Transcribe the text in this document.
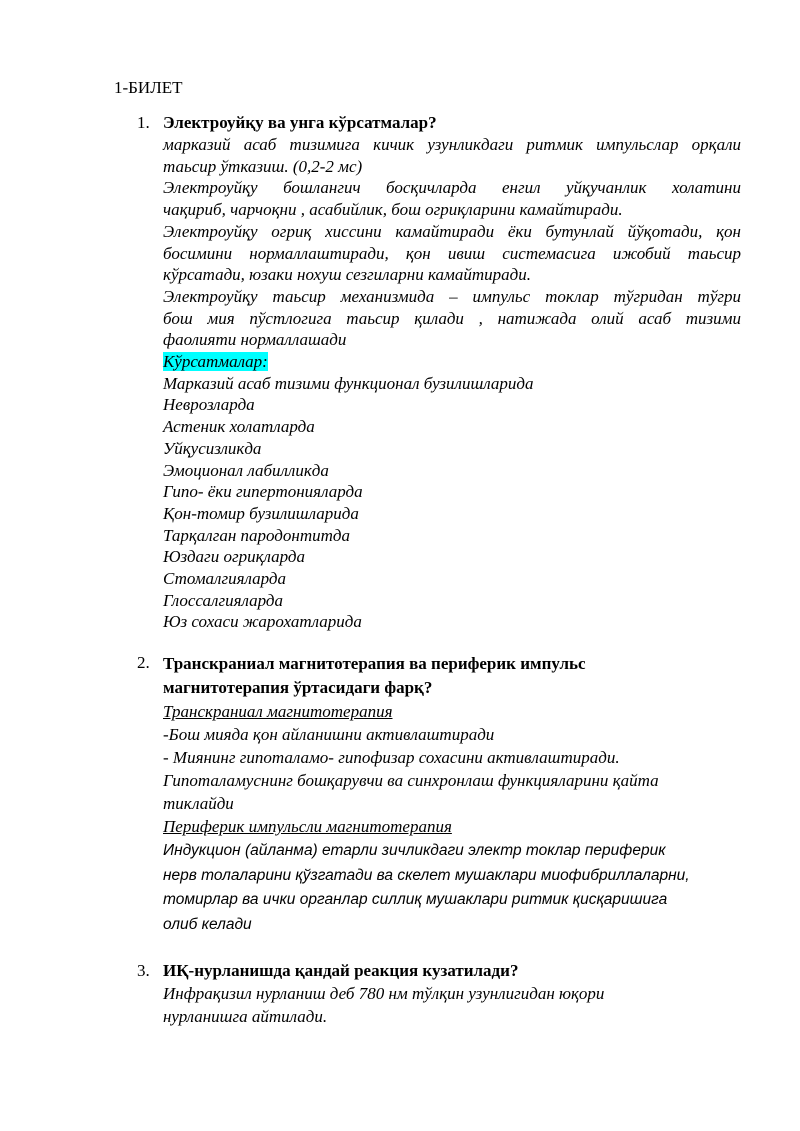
1-БИЛЕТ
1. Электроуйқу ва унга кўрсатмалар?
марказий асаб тизимига кичик узунликдаги ритмик импульслар орқали
таьсир ўтказиш. (0,2-2 мс)
Электроуйқу бошлангич босқичларда енгил уйқучанлик холатини
чақириб, чарчоқни , асабийлик, бош огриқларини камайтиради.
Электроуйқу огриқ хиссини камайтиради ёки бутунлай йўқотади, қон
босимини нормаллаштиради, қон ивиш системасига ижобий таьсир
кўрсатади, юзаки нохуш сезгиларни камайтиради.
Электроуйқу таьсир механизмида – импульс токлар тўгридан тўгри
бош мия пўстлогига таьсир қилади , натижада олий асаб тизими
фаолияти нормаллашади
Кўрсатмалар:
Марказий асаб тизими функционал бузилишларида
Неврозларда
Астеник холатларда
Уйқусизликда
Эмоционал лабилликда
Гипо- ёки гипертонияларда
Қон-томир бузилишларида
Тарқалган пародонтитда
Юздаги огриқларда
Стомалгияларда
Глоссалгияларда
Юз сохаси жарохатларида
2. Транскраниал магнитотерапия ва периферик импульс
магнитотерапия ўртасидаги фарқ?
Транскраниал магнитотерапия
-Бош мияда қон айланишни активлаштиради
- Миянинг гипоталамо- гипофизар сохасини активлаштиради.
Гипоталамуснинг бошқарувчи ва синхронлаш функцияларини қайта
тиклайди
Периферик импульсли магнитотерапия
Индукцион (айланма) етарли зичликдаги электр токлар периферик
нерв толаларини қўзгатади ва скелет мушаклари миофибриллаларни,
томирлар ва ички органлар силлиқ мушаклари ритмик қисқаришига
олиб келади
3. ИҚ-нурланишда қандай реакция кузатилади?
Инфрақизил нурланиш деб 780 нм тўлқин узунлигидан юқори
нурланишга айтилади.
